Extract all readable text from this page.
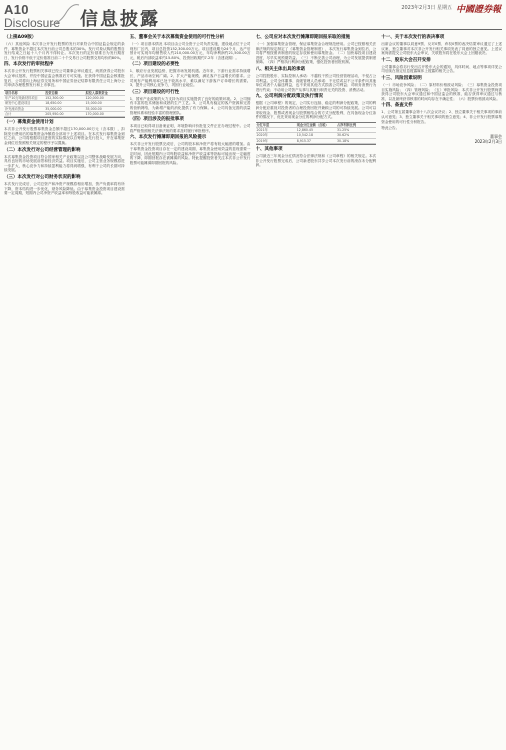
A10
Disclosure 信息披露
2023年2月3日 星期五 中國證券報
（上接A09版）

（六）其他风险 本次非公开发行股票的发行对象符合中国证监会规定的条件，募集资金不超过本次发行前公司总股本的30%。发行对象认购的股票自发行结束之日起十八个月内不得转让。本次发行的定价基准日为发行期首日，发行价格不低于定价基准日前二十个交易日公司股票交易均价的80%。

四、本次发行的审批程序

本次非公开发行股票相关事项已经公司董事会审议通过，尚需获得公司股东大会审议批准，并经中国证监会核准后方可实施。在获得中国证监会核准批复后，公司将向上海证券交易所和中国证券登记结算有限责任公司上海分公司申请办理股票发行和上市事宜。

项目名称	投资总额	拟投入募集资金
年产10万吨新材料项目	152,300.00	120,000.00
研发中心建设项目	18,650.00	15,000.00
补充流动资金	35,000.00	35,000.00
合计	205,950.00	170,000.00
（一）募集资金使用计划

本次非公开发行股票募集资金总额不超过170,000.00万元（含本数），扣除发行费用后的募集资金净额将全部用于上述项目。在本次发行募集资金到位之前，公司将根据项目进度的实际情况以自筹资金先行投入，并在募集资金到位后按照相关规定的程序予以置换。

（二）本次发行对公司经营管理的影响

本次募集资金投资项目符合国家相关产业政策以及公司整体战略发展方向，具有良好的市场发展前景和经济效益。项目实施后，公司主营业务规模将进一步扩大，核心竞争力和持续盈利能力将得到增强，有利于公司的长期可持续发展。

（三）本次发行对公司财务状况的影响

本次发行完成后，公司总资产和净资产规模将相应增加，资产负债率将有所下降，资本结构进一步优化，财务风险降低。由于募集资金投资项目建设需要一定周期，短期内公司净资产收益率和每股收益可能被摊薄。

五、董事会关于本次募集资金使用的可行性分析

（一）项目基本情况 本项目由公司全资子公司负责实施，建设地点位于公司现有厂区内，项目总投资152,300.00万元。项目建设期为24个月，达产后预计可实现年均销售收入约210,000.00万元，年均净利润约21,500.00万元，税后内部收益率约15.80%，投资回收期约7.2年（含建设期）。

（二）项目建设的必要性

1、顺应行业发展趋势，把握市场发展机遇。近年来，下游行业需求持续增长，产品市场空间广阔。2、扩大产能规模，满足客户日益增长的需求。公司现有产能利用率已处于较高水平，难以满足下游客户订单增长的需要。3、提升公司核心竞争力，巩固行业地位。

（三）项目建设的可行性

1、国家产业政策的大力支持为项目实施提供了良好的政策环境。2、公司拥有丰富的技术储备和成熟的生产工艺。3、公司具有稳定的客户资源和完善的营销网络，为新增产能的消化提供了有力保障。4、公司具备完善的质量管理体系和经验丰富的管理团队。

（四）项目涉及的报批事项

本项目已取得项目备案证明，环境影响评价批复文件正在办理过程中。公司将严格按照相关法律法规的要求及时履行审批程序。

六、本次发行摊薄即期回报的风险提示

本次非公开发行股票完成后，公司的股本和净资产将有较大幅度的增加。由于募集资金投资项目存在一定的建设周期，募集资金使用效益的显现需要一定时间，因此短期内公司每股收益和净资产收益率等指标可能出现一定幅度的下降，即期回报存在被摊薄的风险。特此提醒投资者关注本次非公开发行股票可能摊薄即期回报的风险。

七、公司应对本次发行摊薄即期回报采取的措施

（一）加强募集资金管理，保证募集资金合理规范使用。公司已按照相关法律法规的规定制定了《募集资金管理制度》，本次发行募集资金到位后，公司将严格按照该制度的规定存放和使用募集资金。（二）加快募投项目建设进度，尽早实现预期效益。（三）不断完善公司治理，为公司发展提供制度保障。（四）严格执行利润分配政策，强化投资者回报机制。

八、相关主体出具的承诺

公司控股股东、实际控制人承诺：不越权干预公司经营管理活动，不侵占公司利益。公司全体董事、高级管理人员承诺：不无偿或以不公平条件向其他单位或者个人输送利益，也不采用其他方式损害公司利益；对职务消费行为进行约束；不动用公司资产从事与其履行职责无关的投资、消费活动。

九、公司利润分配政策及执行情况

根据《公司章程》的规定，公司实行连续、稳定的利润分配政策，公司的利润分配应重视对投资者的合理投资回报并兼顾公司的可持续发展。公司可以采取现金、股票或者现金与股票相结合的方式分配股利，在具备现金分红条件的情况下，优先采用现金分红的利润分配方式。

分红年度	现金分红金额（含税）	占净利润比例
2021年	12,860.45	31.25%
2020年	10,542.18	30.62%
2019年	8,915.37	30.18%
十、其他事项

公司最近三年现金分红情况符合法律法规和《公司章程》的相关规定。本次非公开发行股票完成后，公司新老股东共享公司本次发行前的滚存未分配利润。

十一、关于本次发行的表决事项

出席会议的董事以同意9票、反对0票、弃权0票的表决结果审议通过了上述议案，独立董事对本次非公开发行相关事项发表了同意的独立意见。上述议案尚需提交公司股东大会审议，关联股东将在股东大会上回避表决。

十二、股东大会召开安排

公司董事会将另行发出召开股东大会的通知，具体时间、地点等事项详见公司后续在指定信息披露媒体上披露的相关公告。

十三、风险因素说明

（一）市场竞争风险；（二）原材料价格波动风险；（三）募集资金投资项目实施风险；（四）管理风险；（五）审批风险：本次非公开发行股票尚需获得公司股东大会审议通过和中国证监会的核准，能否获得审议通过与核准，以及最终获得核准的时间均存在不确定性；（六）股票价格波动风险。

十四、备查文件

1、公司第五届董事会第十八次会议决议；2、独立董事关于相关事项的事前认可意见；3、独立董事关于相关事项的独立意见；4、非公开发行股票募集资金使用的可行性分析报告。

特此公告。

董事会
2023年2月3日
